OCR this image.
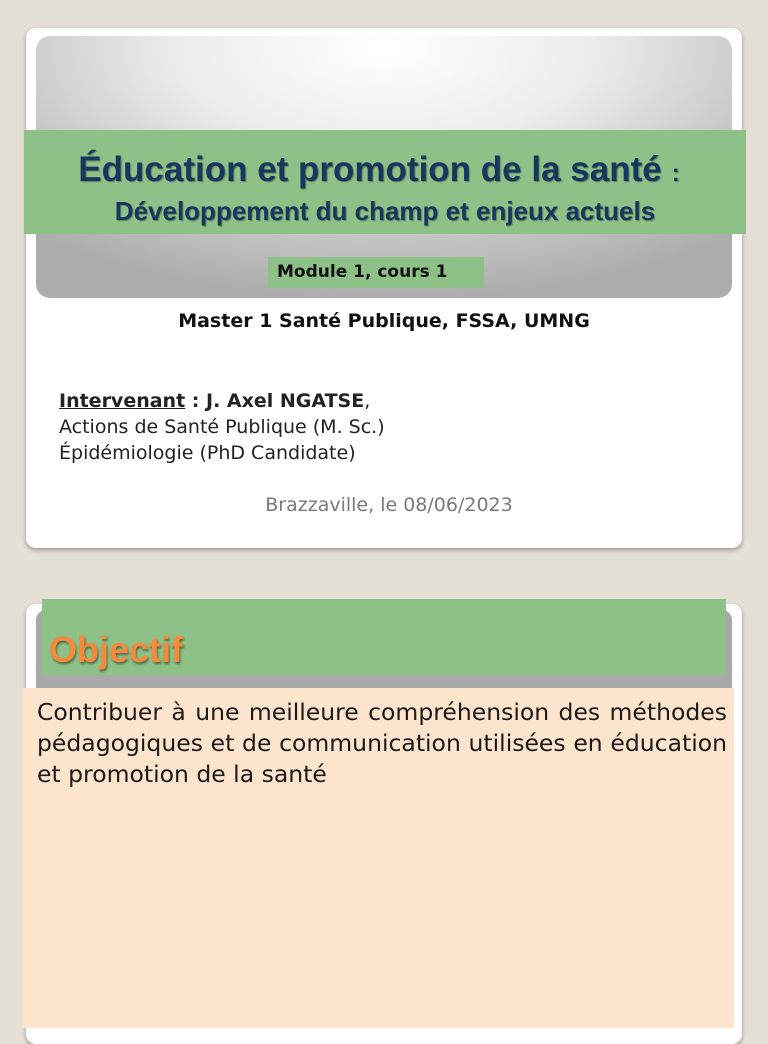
Éducation et promotion de la santé :
Développement du champ et enjeux actuels
Module 1, cours 1
Master 1 Santé Publique, FSSA, UMNG
Intervenant : J. Axel NGATSE,
Actions de Santé Publique (M. Sc.)
Épidémiologie (PhD Candidate)
Brazzaville, le 08/06/2023
Objectif
Contribuer à une meilleure compréhension des méthodes pédagogiques et de communication utilisées en éducation et promotion de la santé
